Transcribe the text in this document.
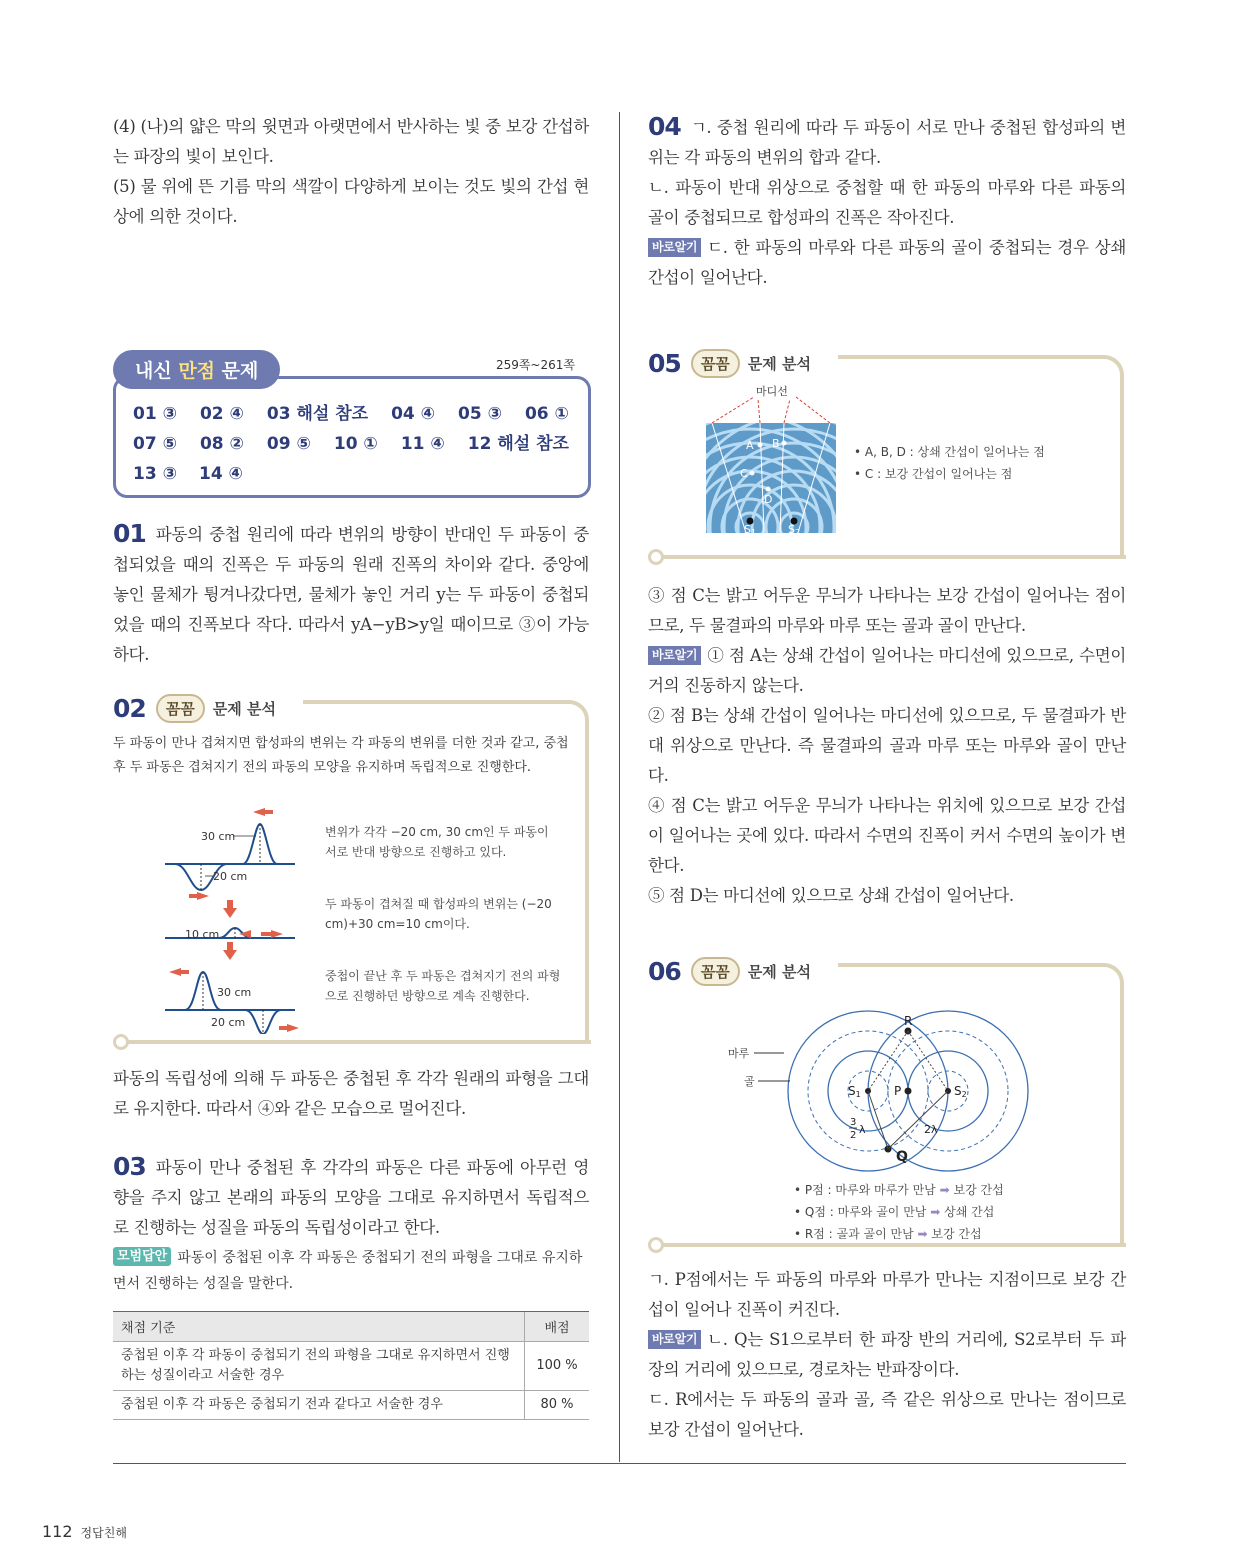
(4) (나)의 얇은 막의 윗면과 아랫면에서 반사하는 빛 중 보강 간섭하는 파장의 빛이 보인다.

(5) 물 위에 뜬 기름 막의 색깔이 다양하게 보이는 것도 빛의 간섭 현상에 의한 것이다.

내신 만점 문제	259쪽~261쪽
01 ③ 02 ④ 03 해설 참조 04 ④ 05 ③ 06 ①
07 ⑤ 08 ② 09 ⑤ 10 ① 11 ④ 12 해설 참조
13 ③ 14 ④

01 파동의 중첩 원리에 따라 변위의 방향이 반대인 두 파동이 중첩되었을 때의 진폭은 두 파동의 원래 진폭의 차이와 같다. 중앙에 놓인 물체가 튕겨나갔다면, 물체가 놓인 거리 y는 두 파동이 중첩되었을 때의 진폭보다 작다. 따라서 yA−yB>y일 때이므로 ③이 가능하다.

02	꼼꼼	문제 분석

두 파동이 만나 겹쳐지면 합성파의 변위는 각 파동의 변위를 더한 것과 같고, 중첩 후 두 파동은 겹쳐지기 전의 파동의 모양을 유지하며 독립적으로 진행한다.

30 cm
20 cm
10 cm
30 cm
20 cm
변위가 각각 −20 cm, 30 cm인 두 파동이 서로 반대 방향으로 진행하고 있다.
두 파동이 겹쳐질 때 합성파의 변위는 (−20 cm)+30 cm=10 cm이다.
중첩이 끝난 후 두 파동은 겹쳐지기 전의 파형으로 진행하던 방향으로 계속 진행한다.

파동의 독립성에 의해 두 파동은 중첩된 후 각각 원래의 파형을 그대로 유지한다. 따라서 ④와 같은 모습으로 멀어진다.

03 파동이 만나 중첩된 후 각각의 파동은 다른 파동에 아무런 영향을 주지 않고 본래의 파동의 모양을 그대로 유지하면서 독립적으로 진행하는 성질을 파동의 독립성이라고 한다.

모범답안 파동이 중첩된 이후 각 파동은 중첩되기 전의 파형을 그대로 유지하면서 진행하는 성질을 말한다.

채점 기준	배점
중첩된 이후 각 파동이 중첩되기 전의 파형을 그대로 유지하면서 진행하는 성질이라고 서술한 경우	100 %
중첩된 이후 각 파동은 중첩되기 전과 같다고 서술한 경우	80 %

04 ㄱ. 중첩 원리에 따라 두 파동이 서로 만나 중첩된 합성파의 변위는 각 파동의 변위의 합과 같다.

ㄴ. 파동이 반대 위상으로 중첩할 때 한 파동의 마루와 다른 파동의 골이 중첩되므로 합성파의 진폭은 작아진다.

바로알기 ㄷ. 한 파동의 마루와 다른 파동의 골이 중첩되는 경우 상쇄 간섭이 일어난다.

05	꼼꼼	문제 분석
마디선
A B
C
D
S1	S2
• A, B, D : 상쇄 간섭이 일어나는 점
• C : 보강 간섭이 일어나는 점

③ 점 C는 밝고 어두운 무늬가 나타나는 보강 간섭이 일어나는 점이므로, 두 물결파의 마루와 마루 또는 골과 골이 만난다.

바로알기 ① 점 A는 상쇄 간섭이 일어나는 마디선에 있으므로, 수면이 거의 진동하지 않는다.

② 점 B는 상쇄 간섭이 일어나는 마디선에 있으므로, 두 물결파가 반대 위상으로 만난다. 즉 물결파의 골과 마루 또는 마루와 골이 만난다.

④ 점 C는 밝고 어두운 무늬가 나타나는 위치에 있으므로 보강 간섭이 일어나는 곳에 있다. 따라서 수면의 진폭이 커서 수면의 높이가 변한다.

⑤ 점 D는 마디선에 있으므로 상쇄 간섭이 일어난다.

06	꼼꼼	문제 분석
R
P
Q
S1	S2
3
2 λ	2λ
마루
골
• P점 : 마루와 마루가 만남 ➡ 보강 간섭
• Q점 : 마루와 골이 만남 ➡ 상쇄 간섭
• R점 : 골과 골이 만남 ➡ 보강 간섭

ㄱ. P점에서는 두 파동의 마루와 마루가 만나는 지점이므로 보강 간섭이 일어나 진폭이 커진다.

바로알기 ㄴ. Q는 S1으로부터 한 파장 반의 거리에, S2로부터 두 파장의 거리에 있으므로, 경로차는 반파장이다.

ㄷ. R에서는 두 파동의 골과 골, 즉 같은 위상으로 만나는 점이므로 보강 간섭이 일어난다.

112 정답친해
